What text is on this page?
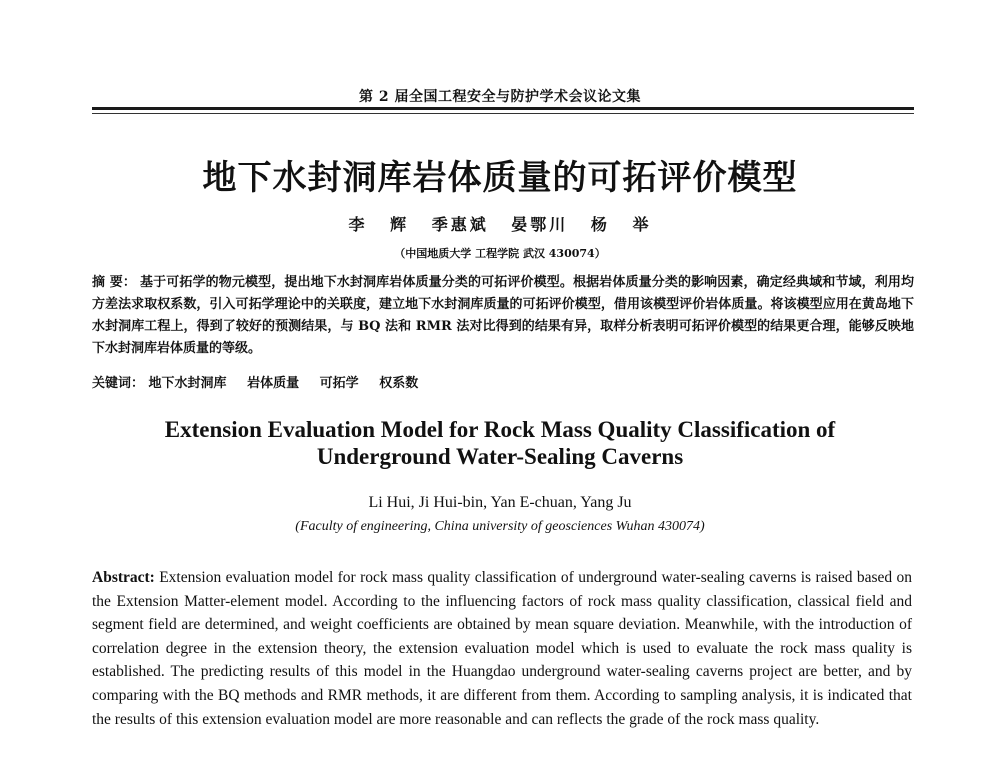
第 2 届全国工程安全与防护学术会议论文集
地下水封洞库岩体质量的可拓评价模型
李 辉 季惠斌 晏鄂川 杨 举
（中国地质大学 工程学院 武汉 430074）
摘 要： 基于可拓学的物元模型，提出地下水封洞库岩体质量分类的可拓评价模型。根据岩体质量分类的影响因素，确定经典域和节域，利用均方差法求取权系数，引入可拓学理论中的关联度，建立地下水封洞库质量的可拓评价模型，借用该模型评价岩体质量。将该模型应用在黄岛地下水封洞库工程上，得到了较好的预测结果，与 BQ 法和 RMR 法对比得到的结果有异，取样分析表明可拓评价模型的结果更合理，能够反映地下水封洞库岩体质量的等级。
关键词： 地下水封洞库 岩体质量 可拓学 权系数
Extension Evaluation Model for Rock Mass Quality Classification of
Underground Water-Sealing Caverns
Li Hui, Ji Hui-bin, Yan E-chuan, Yang Ju
(Faculty of engineering, China university of geosciences Wuhan 430074)
Abstract: Extension evaluation model for rock mass quality classification of underground water-sealing caverns is raised based on the Extension Matter-element model. According to the influencing factors of rock mass quality classification, classical field and segment field are determined, and weight coefficients are obtained by mean square deviation. Meanwhile, with the introduction of correlation degree in the extension theory, the extension evaluation model which is used to evaluate the rock mass quality is established. The predicting results of this model in the Huangdao underground water-sealing caverns project are better, and by comparing with the BQ methods and RMR methods, it are different from them. According to sampling analysis, it is indicated that the results of this extension evaluation model are more reasonable and can reflects the grade of the rock mass quality.
